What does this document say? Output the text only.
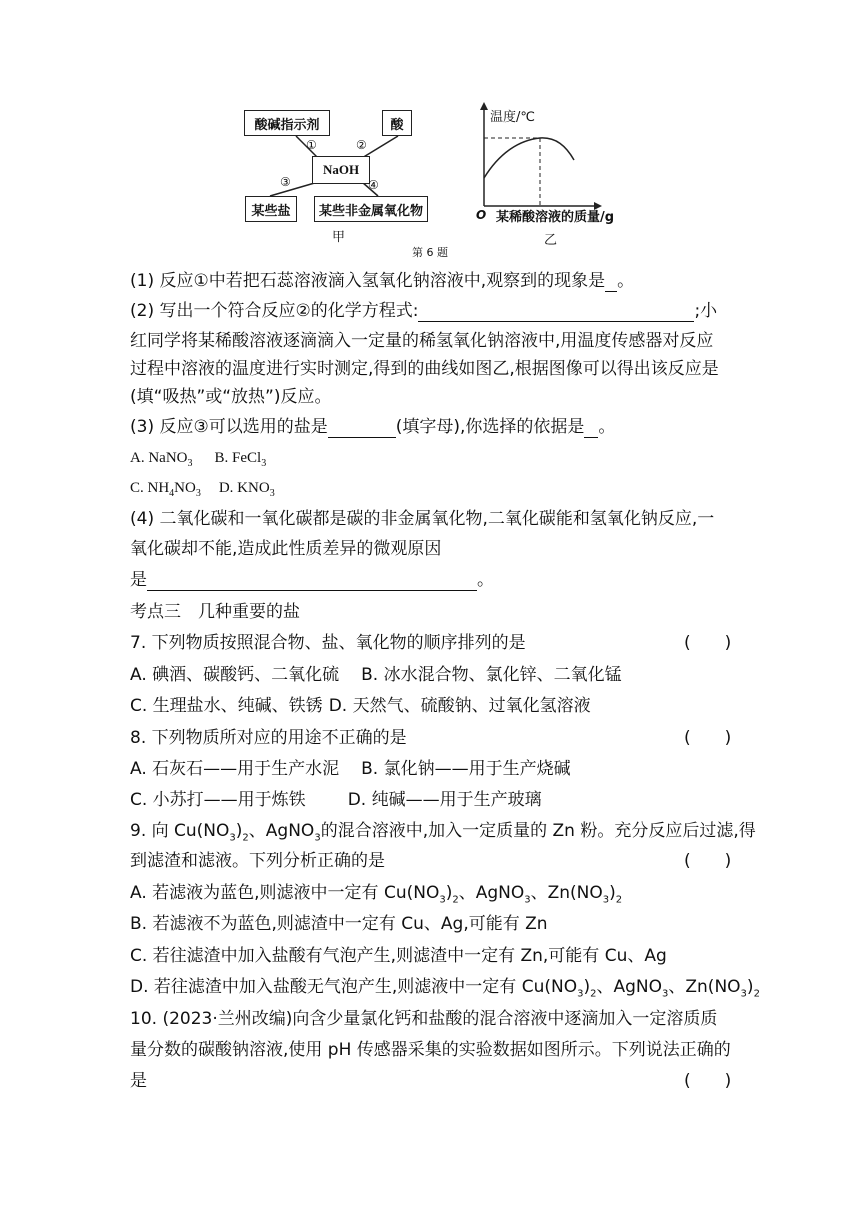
酸碱指示剂	酸
NaOH
某些盐	某些非金属氧化物
①	②
③	④
甲
温度/℃
O 某稀酸溶液的质量/g
乙
第 6 题
(1) 反应①中若把石蕊溶液滴入氢氧化钠溶液中,观察到的现象是 。
(2) 写出一个符合反应②的化学方程式:	;小
红同学将某稀酸溶液逐滴滴入一定量的稀氢氧化钠溶液中,用温度传感器对反应
过程中溶液的温度进行实时测定,得到的曲线如图乙,根据图像可以得出该反应是
(填“吸热”或“放热”)反应。
(3) 反应③可以选用的盐是	(填字母),你选择的依据是 。
A. NaNO$_3$ B. FeCl$_3$
C. $NH_4NO_3$ D. $KNO_3$
(4) 二氧化碳和一氧化碳都是碳的非金属氧化物,二氧化碳能和氢氧化钠反应,一
氧化碳却不能,造成此性质差异的微观原因
是	。
考点三　几种重要的盐
7. 下列物质按照混合物、盐、氧化物的顺序排列的是	(　　)
A. 碘酒、碳酸钙、二氧化硫 B. 冰水混合物、氯化锌、二氧化锰
C. 生理盐水、纯碱、铁锈 D. 天然气、硫酸钠、过氧化氢溶液
8. 下列物质所对应的用途不正确的是	(　　)
A. 石灰石——用于生产水泥 B. 氯化钠——用于生产烧碱
C. 小苏打——用于炼铁 D. 纯碱——用于生产玻璃
9. 向 $Cu(NO_3)_2$、AgNO$_3$的混合溶液中,加入一定质量的 Zn 粉。充分反应后过滤,得
到滤渣和滤液。下列分析正确的是	(　　)
A. 若滤液为蓝色,则滤液中一定有 $Cu(NO_3)_2$、AgNO$_3$、$Zn(NO_3)_2$
B. 若滤液不为蓝色,则滤渣中一定有 Cu、Ag,可能有 Zn
C. 若往滤渣中加入盐酸有气泡产生,则滤渣中一定有 Zn,可能有 Cu、Ag
D. 若往滤渣中加入盐酸无气泡产生,则滤液中一定有 $Cu(NO_3)_2$、AgNO$_3$、$Zn(NO_3)_2$
10. (2023·兰州改编)向含少量氯化钙和盐酸的混合溶液中逐滴加入一定溶质质
量分数的碳酸钠溶液,使用 pH 传感器采集的实验数据如图所示。下列说法正确的
是	(　　)
